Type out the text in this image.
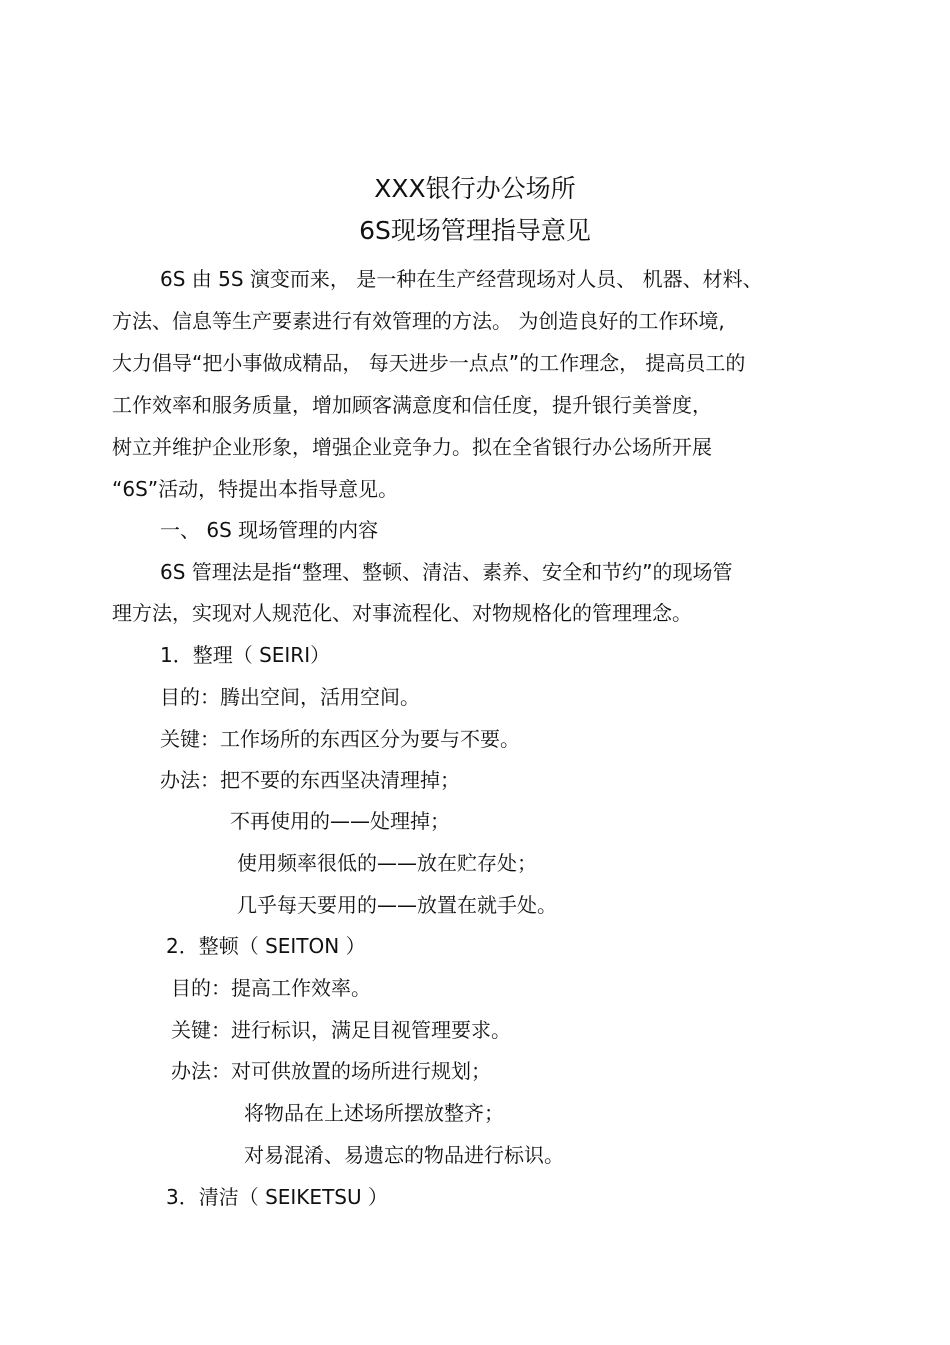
XXX银行办公场所
6S现场管理指导意见
6S 由 5S 演变而来， 是一种在生产经营现场对人员、 机器、材料、
方法、信息等生产要素进行有效管理的方法。 为创造良好的工作环境,
大力倡导“把小事做成精品， 每天进步一点点”的工作理念， 提高员工的
工作效率和服务质量，增加顾客满意度和信任度，提升银行美誉度，
树立并维护企业形象，增强企业竞争力。拟在全省银行办公场所开展
“6S”活动，特提出本指导意见。
一、 6S 现场管理的内容
6S 管理法是指“整理、整顿、清洁、素养、安全和节约”的现场管
理方法，实现对人规范化、对事流程化、对物规格化的管理理念。
1．整理（ SEIRI）
目的：腾出空间，活用空间。
关键：工作场所的东西区分为要与不要。
办法：把不要的东西坚决清理掉；
不再使用的——处理掉；
使用频率很低的——放在贮存处；
几乎每天要用的——放置在就手处。
2．整顿（ SEITON ）
目的：提高工作效率。
关键：进行标识，满足目视管理要求。
办法：对可供放置的场所进行规划；
将物品在上述场所摆放整齐；
对易混淆、易遗忘的物品进行标识。
3．清洁（ SEIKETSU ）
